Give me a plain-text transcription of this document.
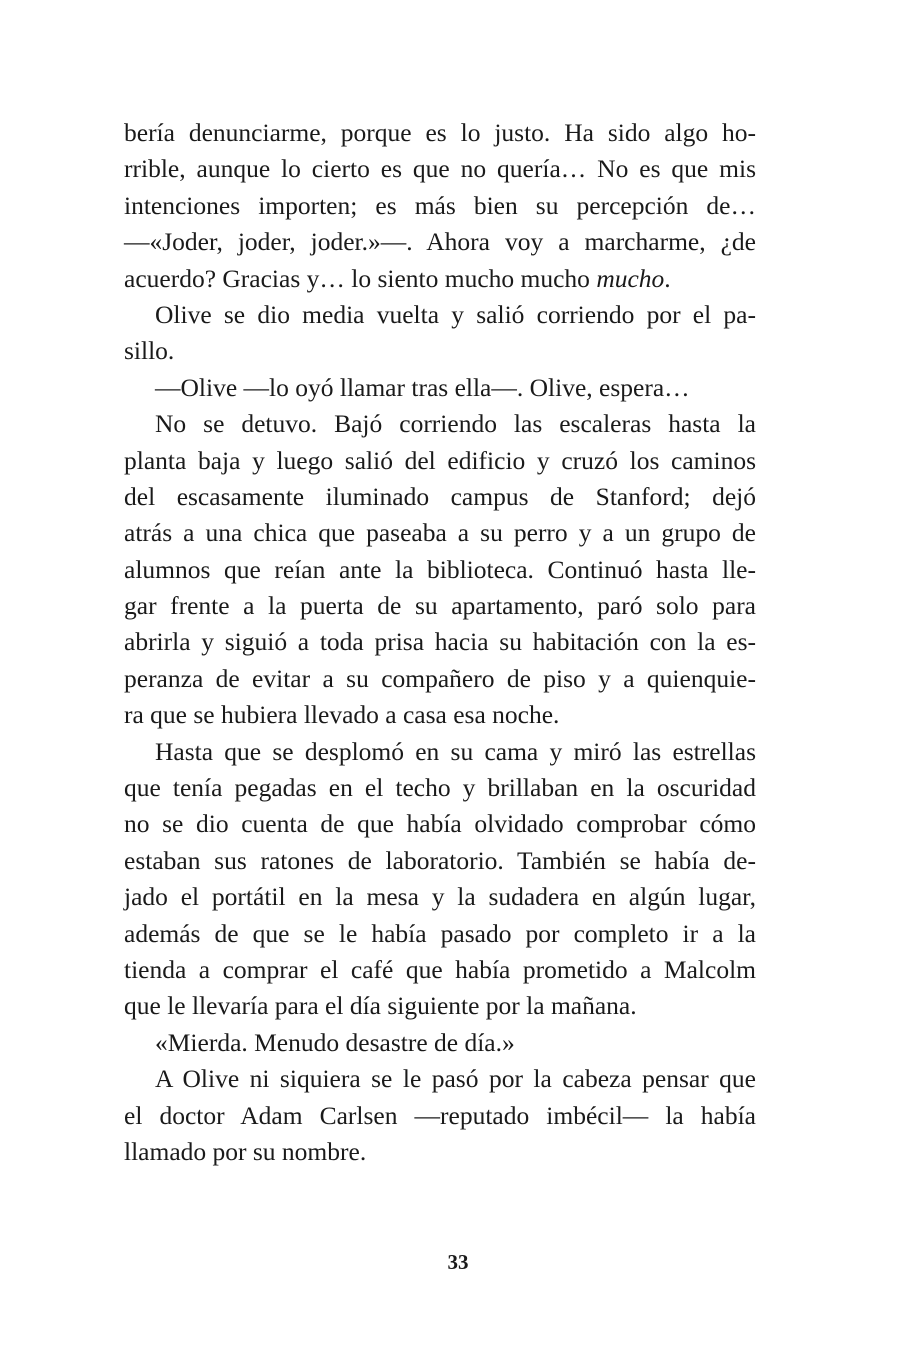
bería denunciarme, porque es lo justo. Ha sido algo ho-
rrible, aunque lo cierto es que no quería… No es que mis
intenciones importen; es más bien su percepción de…
—«Joder, joder, joder.»—. Ahora voy a marcharme, ¿de
acuerdo? Gracias y… lo siento mucho mucho mucho.
Olive se dio media vuelta y salió corriendo por el pa-
sillo.
—Olive —lo oyó llamar tras ella—. Olive, espera…
No se detuvo. Bajó corriendo las escaleras hasta la
planta baja y luego salió del edificio y cruzó los caminos
del escasamente iluminado campus de Stanford; dejó
atrás a una chica que paseaba a su perro y a un grupo de
alumnos que reían ante la biblioteca. Continuó hasta lle-
gar frente a la puerta de su apartamento, paró solo para
abrirla y siguió a toda prisa hacia su habitación con la es-
peranza de evitar a su compañero de piso y a quienquie-
ra que se hubiera llevado a casa esa noche.
Hasta que se desplomó en su cama y miró las estrellas
que tenía pegadas en el techo y brillaban en la oscuridad
no se dio cuenta de que había olvidado comprobar cómo
estaban sus ratones de laboratorio. También se había de-
jado el portátil en la mesa y la sudadera en algún lugar,
además de que se le había pasado por completo ir a la
tienda a comprar el café que había prometido a Malcolm
que le llevaría para el día siguiente por la mañana.
«Mierda. Menudo desastre de día.»
A Olive ni siquiera se le pasó por la cabeza pensar que
el doctor Adam Carlsen —reputado imbécil— la había
llamado por su nombre.
33
